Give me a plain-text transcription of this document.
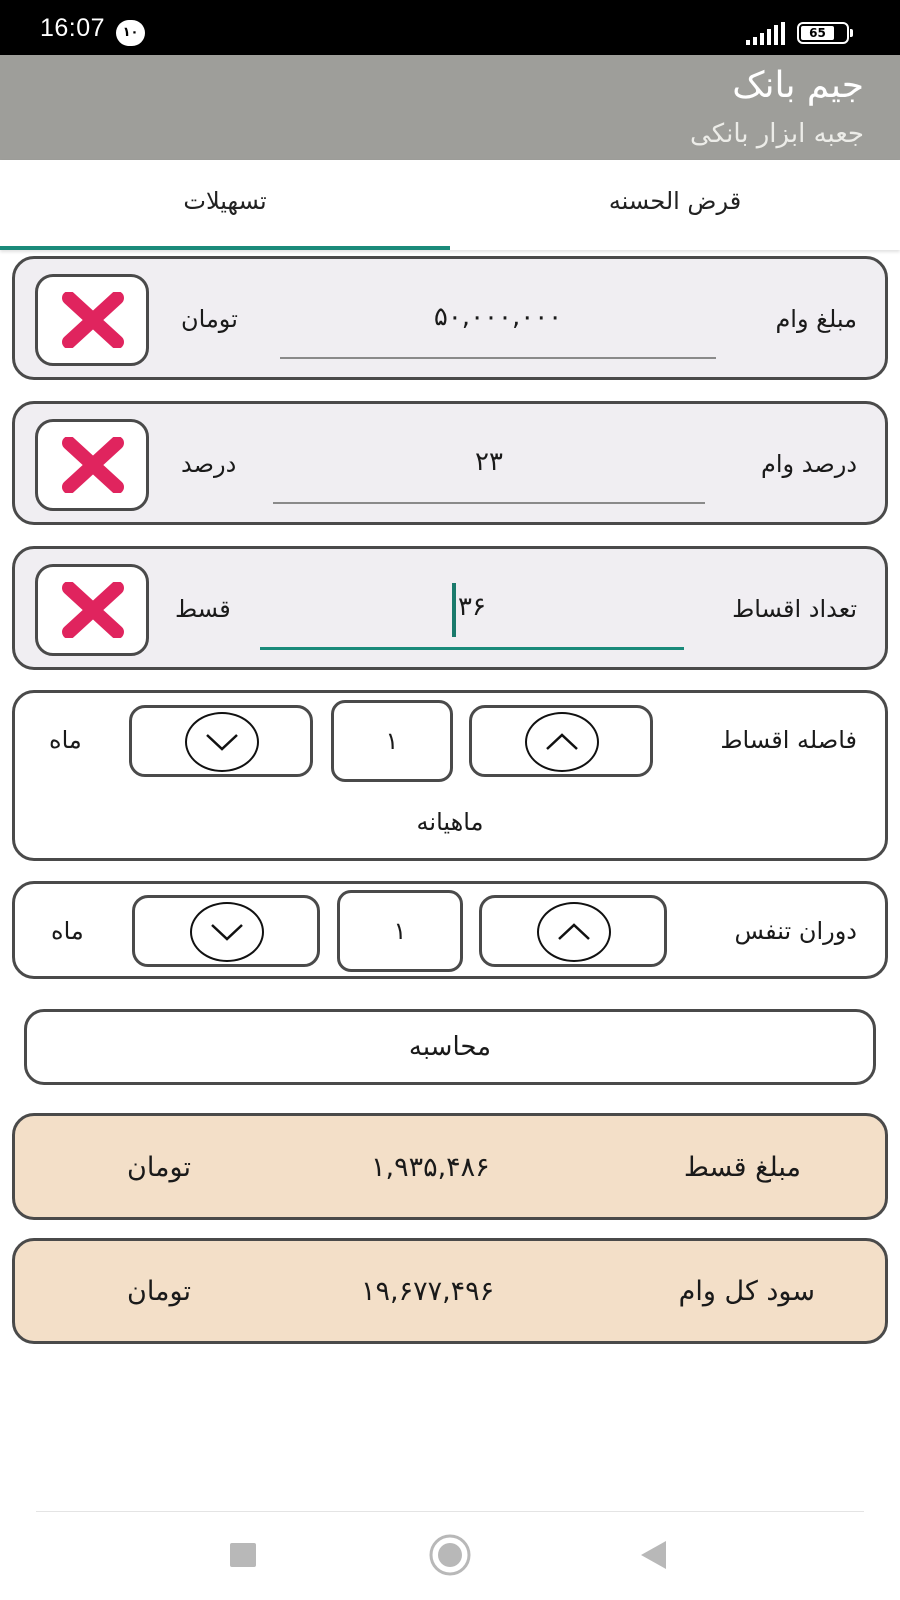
16:07	۱۰	65
جیم بانک
جعبه ابزار بانکی
تسهیلات	قرض الحسنه
مبلغ وام
۵۰,۰۰۰,۰۰۰
تومان
درصد وام
۲۳
درصد
تعداد اقساط
۳۶
قسط
فاصله اقساط
۱
ماه
ماهیانه
دوران تنفس
۱
ماه
محاسبه
مبلغ قسط
۱,۹۳۵,۴۸۶
تومان
سود کل وام
۱۹,۶۷۷,۴۹۶
تومان
